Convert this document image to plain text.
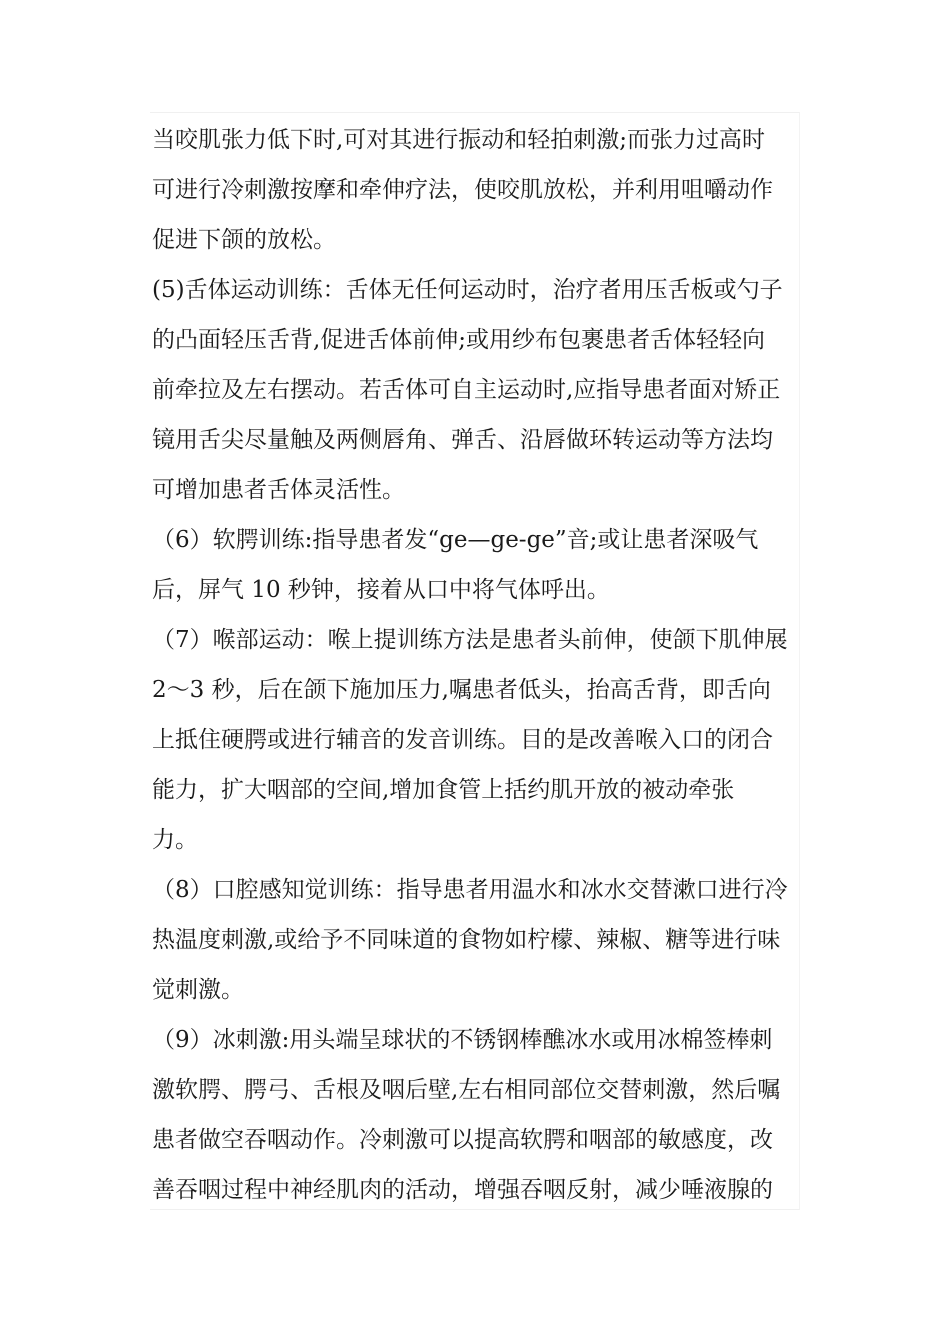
当咬肌张力低下时,可对其进行振动和轻拍刺激;而张力过高时
可进行冷刺激按摩和牵伸疗法，使咬肌放松，并利用咀嚼动作
促进下颌的放松。
(5)舌体运动训练：舌体无任何运动时，治疗者用压舌板或勺子
的凸面轻压舌背,促进舌体前伸;或用纱布包裹患者舌体轻轻向
前牵拉及左右摆动。若舌体可自主运动时,应指导患者面对矫正
镜用舌尖尽量触及两侧唇角、弹舌、沿唇做环转运动等方法均
可增加患者舌体灵活性。
（6）软腭训练:指导患者发“ge—ge-ge”音;或让患者深吸气
后，屏气 10 秒钟，接着从口中将气体呼出。
（7）喉部运动：喉上提训练方法是患者头前伸，使颌下肌伸展
2～3 秒，后在颌下施加压力,嘱患者低头，抬高舌背，即舌向
上抵住硬腭或进行辅音的发音训练。目的是改善喉入口的闭合
能力，扩大咽部的空间,增加食管上括约肌开放的被动牵张
力。
（8）口腔感知觉训练：指导患者用温水和冰水交替漱口进行冷
热温度刺激,或给予不同味道的食物如柠檬、辣椒、糖等进行味
觉刺激。
（9）冰刺激:用头端呈球状的不锈钢棒醮冰水或用冰棉签棒刺
激软腭、腭弓、舌根及咽后壁,左右相同部位交替刺激，然后嘱
患者做空吞咽动作。冷刺激可以提高软腭和咽部的敏感度，改
善吞咽过程中神经肌肉的活动，增强吞咽反射，减少唾液腺的
